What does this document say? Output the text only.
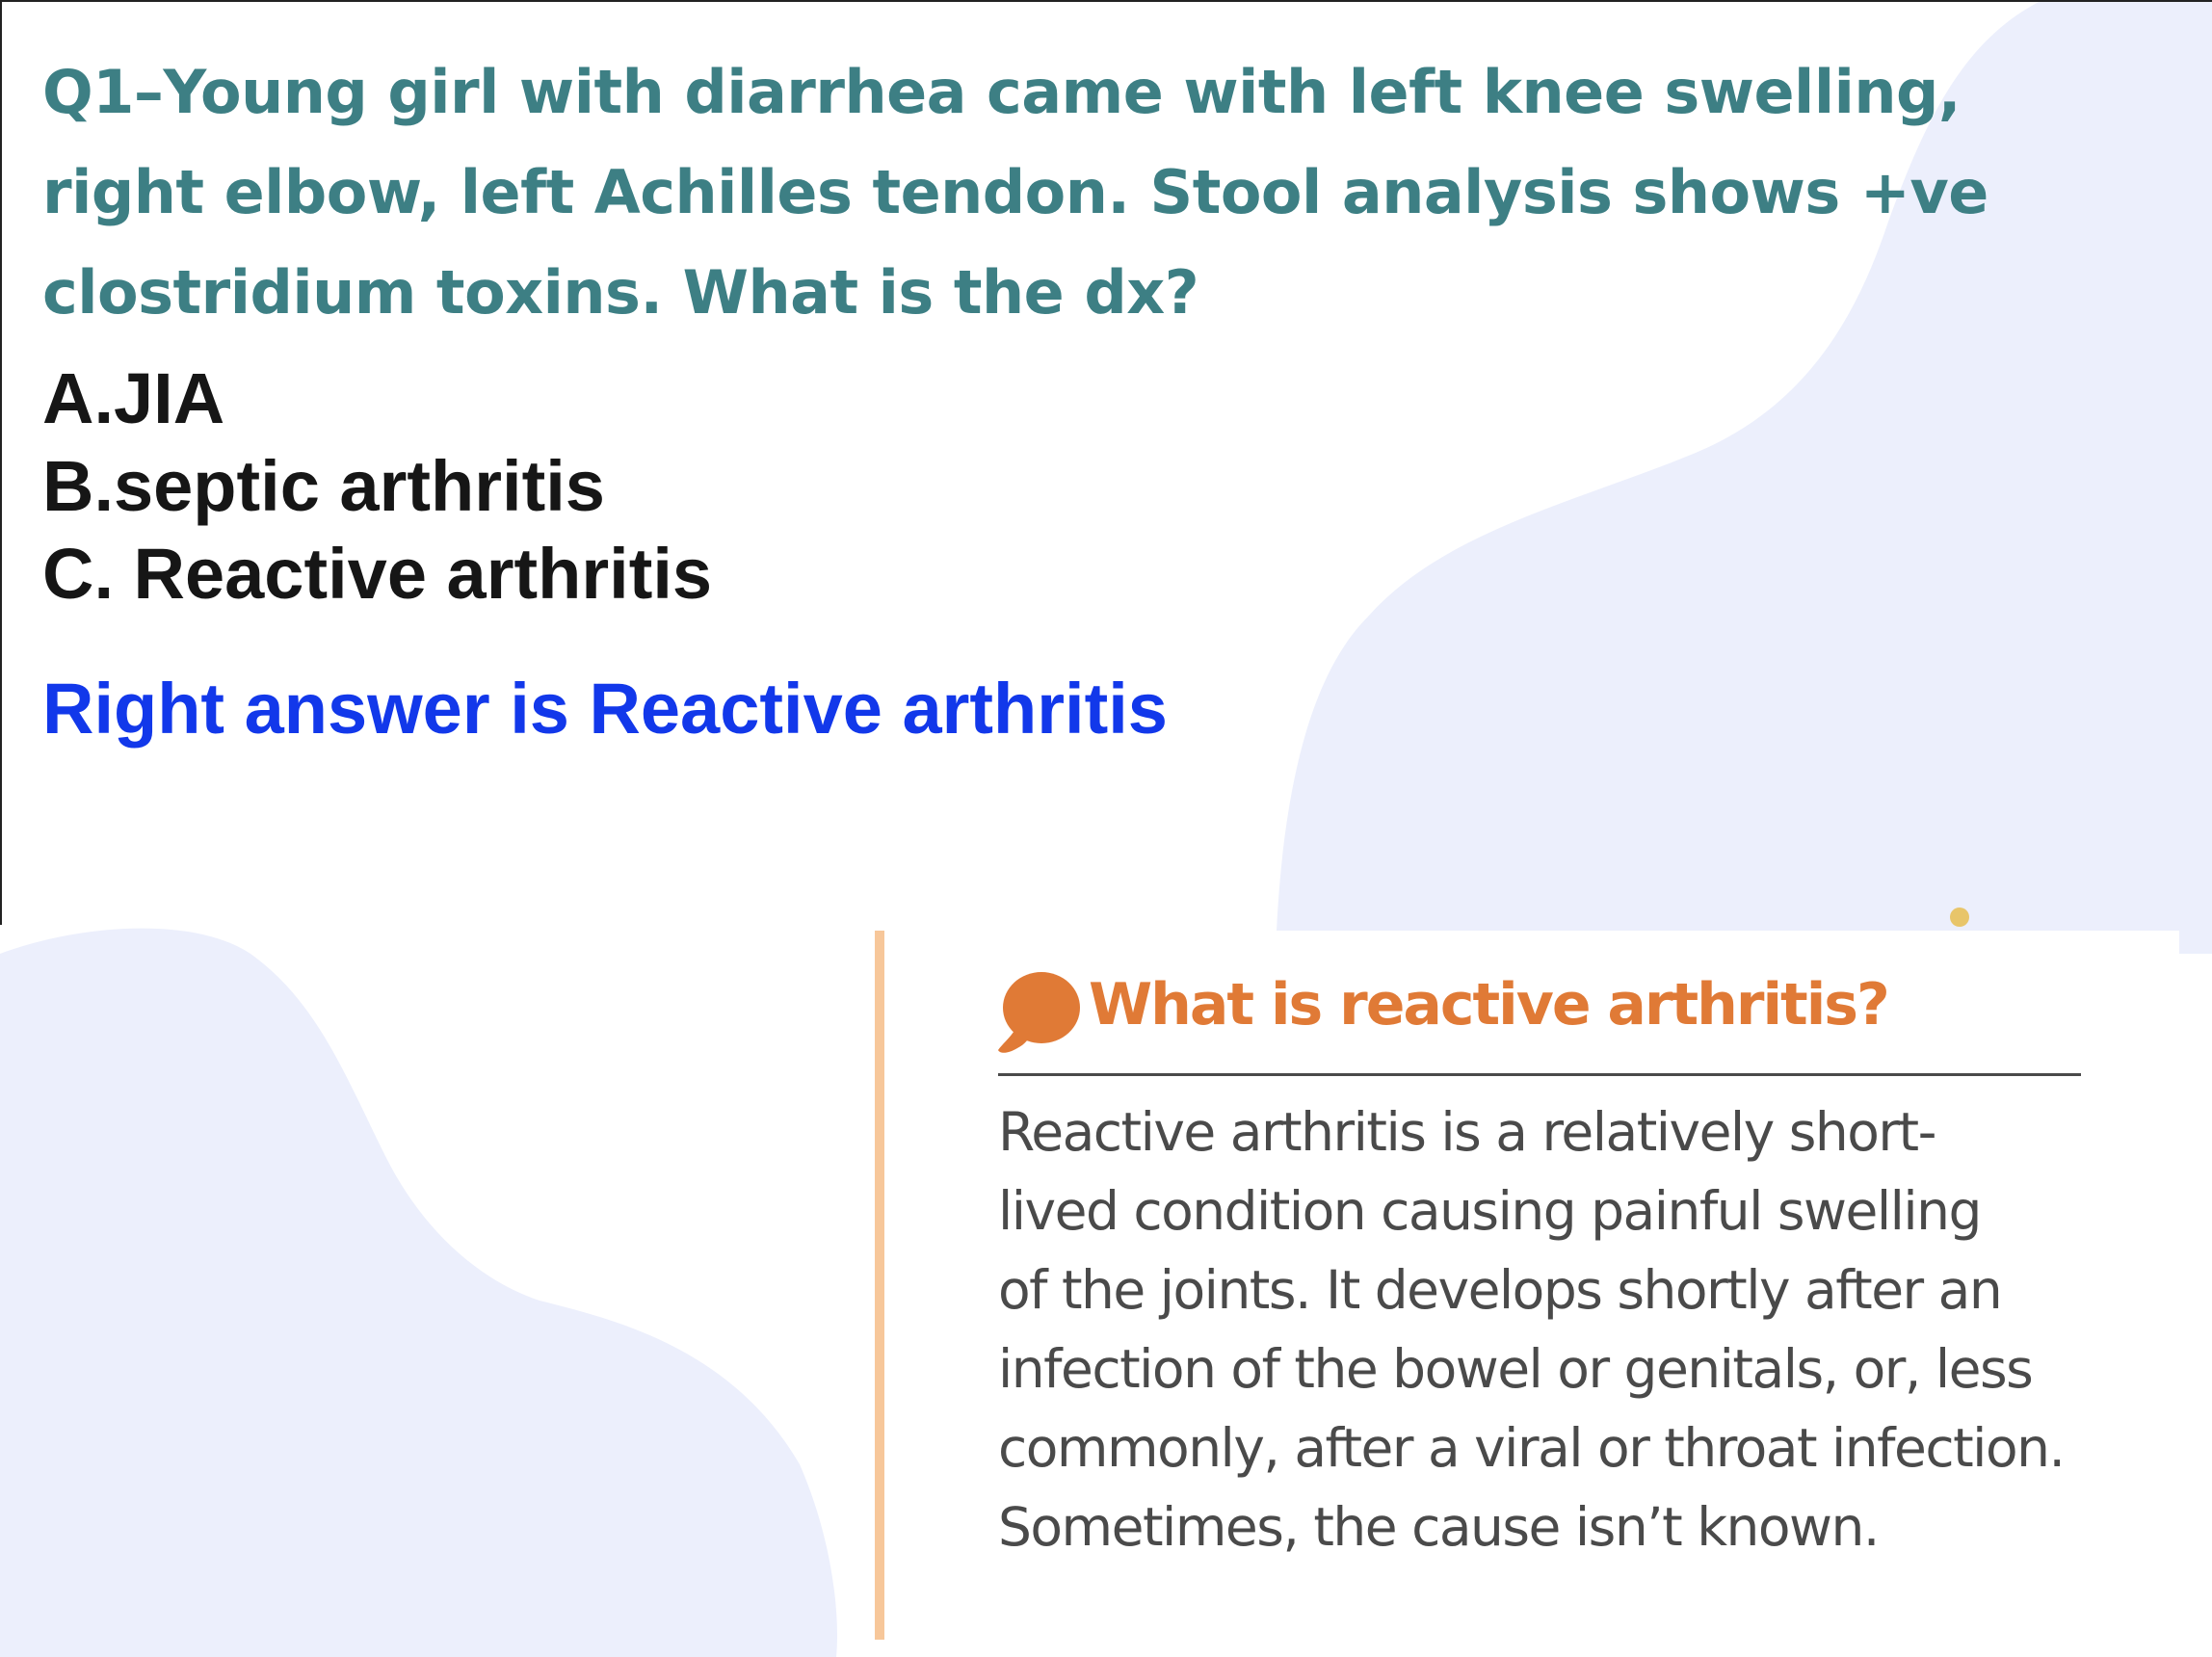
Q1–Young girl with diarrhea came with left knee swelling,
right elbow, left Achilles tendon. Stool analysis shows +ve
clostridium toxins. What is the dx?
A.JIA
B.septic arthritis
C. Reactive arthritis

Right answer is Reactive arthritis

What is reactive arthritis?

Reactive arthritis is a relatively short-
lived condition causing painful swelling
of the joints. It develops shortly after an
infection of the bowel or genitals, or, less
commonly, after a viral or throat infection.
Sometimes, the cause isn’t known.
